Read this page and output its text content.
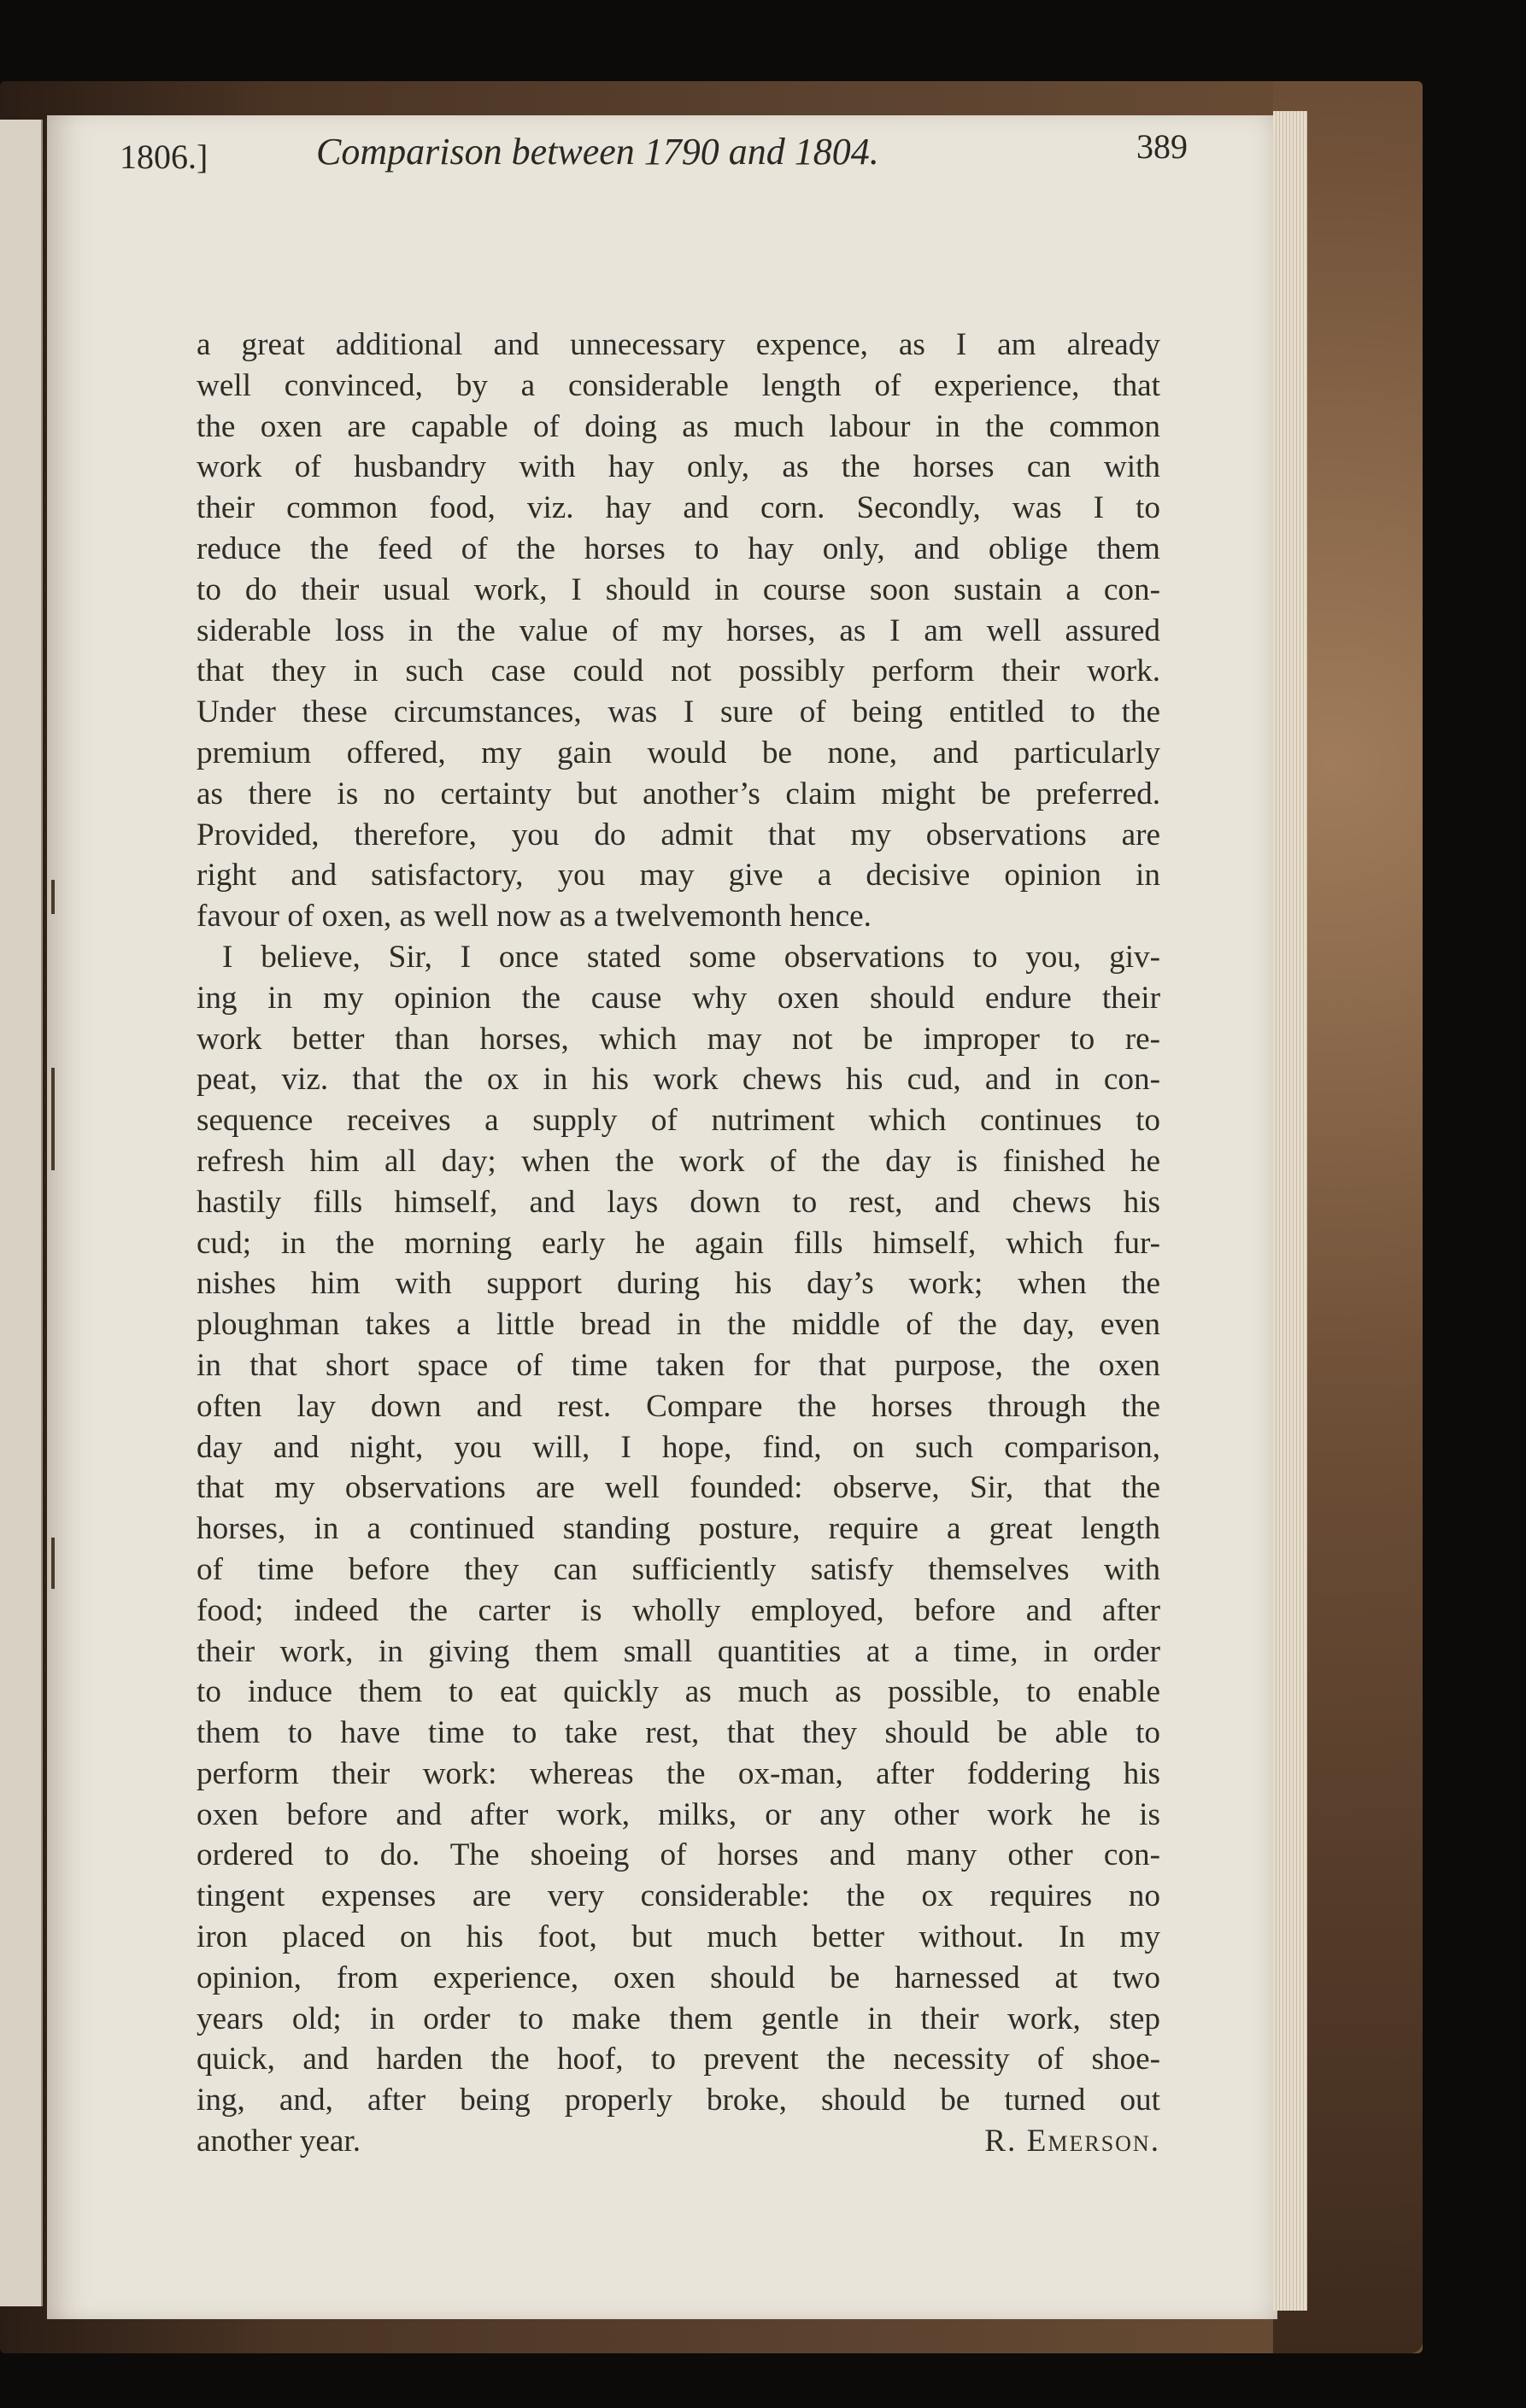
1806.]	Comparison between 1790 and 1804.	389
a great additional and unnecessary expence, as I am already
well convinced, by a considerable length of experience, that
the oxen are capable of doing as much labour in the common
work of husbandry with hay only, as the horses can with
their common food, viz. hay and corn. Secondly, was I to
reduce the feed of the horses to hay only, and oblige them
to do their usual work, I should in course soon sustain a con-
siderable loss in the value of my horses, as I am well assured
that they in such case could not possibly perform their work.
Under these circumstances, was I sure of being entitled to the
premium offered, my gain would be none, and particularly
as there is no certainty but another’s claim might be preferred.
Provided, therefore, you do admit that my observations are
right and satisfactory, you may give a decisive opinion in
favour of oxen, as well now as a twelvemonth hence.
I believe, Sir, I once stated some observations to you, giv-
ing in my opinion the cause why oxen should endure their
work better than horses, which may not be improper to re-
peat, viz. that the ox in his work chews his cud, and in con-
sequence receives a supply of nutriment which continues to
refresh him all day; when the work of the day is finished he
hastily fills himself, and lays down to rest, and chews his
cud; in the morning early he again fills himself, which fur-
nishes him with support during his day’s work; when the
ploughman takes a little bread in the middle of the day, even
in that short space of time taken for that purpose, the oxen
often lay down and rest. Compare the horses through the
day and night, you will, I hope, find, on such comparison,
that my observations are well founded: observe, Sir, that the
horses, in a continued standing posture, require a great length
of time before they can sufficiently satisfy themselves with
food; indeed the carter is wholly employed, before and after
their work, in giving them small quantities at a time, in order
to induce them to eat quickly as much as possible, to enable
them to have time to take rest, that they should be able to
perform their work: whereas the ox-man, after foddering his
oxen before and after work, milks, or any other work he is
ordered to do. The shoeing of horses and many other con-
tingent expenses are very considerable: the ox requires no
iron placed on his foot, but much better without. In my
opinion, from experience, oxen should be harnessed at two
years old; in order to make them gentle in their work, step
quick, and harden the hoof, to prevent the necessity of shoe-
ing, and, after being properly broke, should be turned out
another year.	R. Emerson.
